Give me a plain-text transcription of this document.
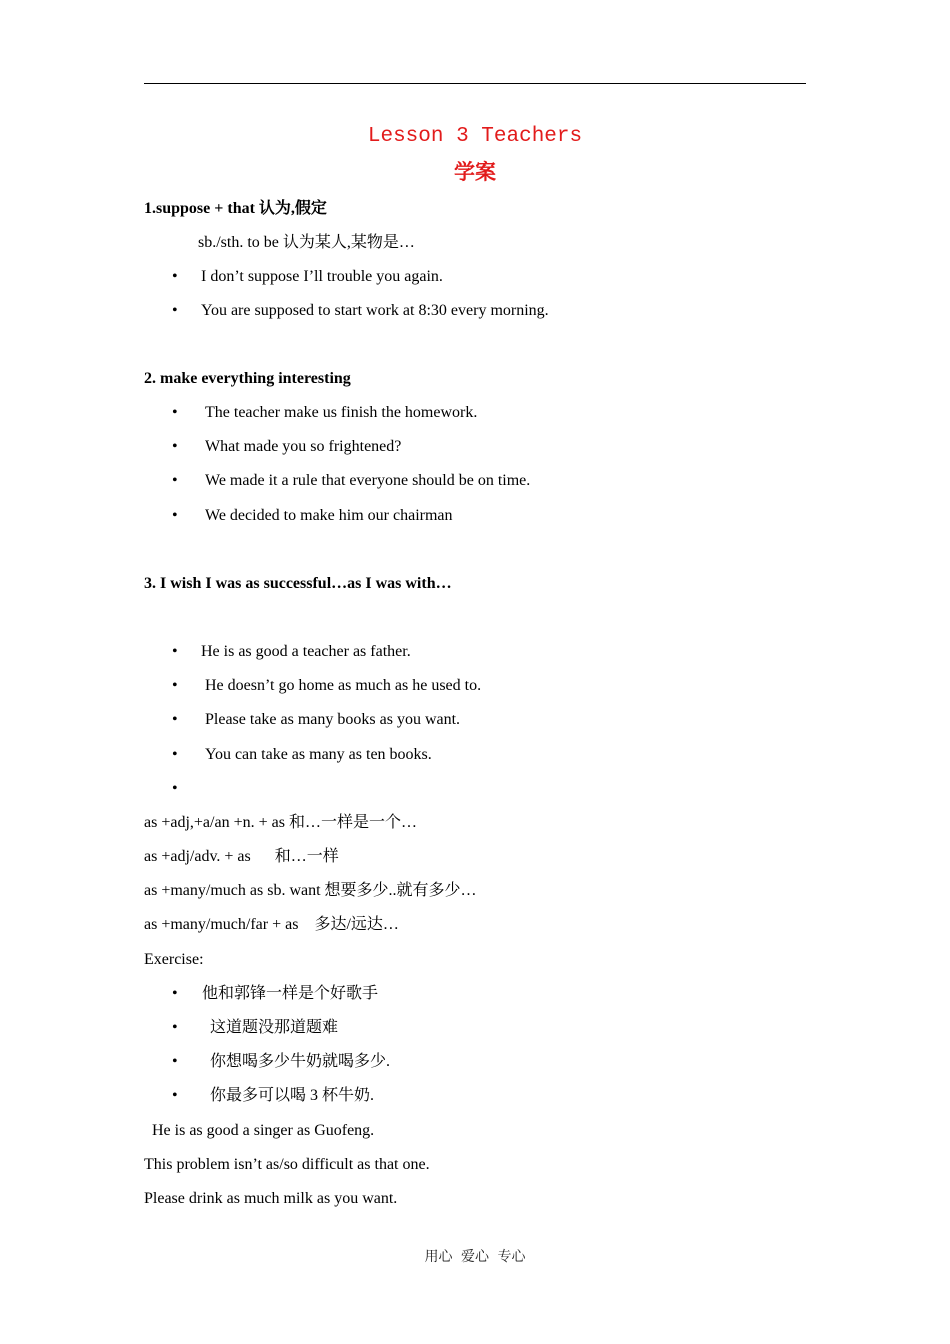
Lesson 3 Teachers
学案
1.suppose + that 认为,假定
sb./sth. to be 认为某人,某物是…
• I don’t suppose I’ll trouble you again.
• You are supposed to start work at 8:30 every morning.
2. make everything interesting
• The teacher make us finish the homework.
• What made you so frightened?
• We made it a rule that everyone should be on time.
• We decided to make him our chairman
3. I wish I was as successful…as I was with…
• He is as good a teacher as father.
• He doesn’t go home as much as he used to.
• Please take as many books as you want.
• You can take as many as ten books.
•
as +adj,+a/an +n. + as 和…一样是一个…
as +adj/adv. + as      和…一样
as +many/much as sb. want 想要多少..就有多少…
as +many/much/far + as    多达/远达…
Exercise:
• 他和郭锋一样是个好歌手
• 这道题没那道题难
• 你想喝多少牛奶就喝多少.
• 你最多可以喝 3 杯牛奶.
He is as good a singer as Guofeng.
This problem isn’t as/so difficult as that one.
Please drink as much milk as you want.
用心 爱心 专心
